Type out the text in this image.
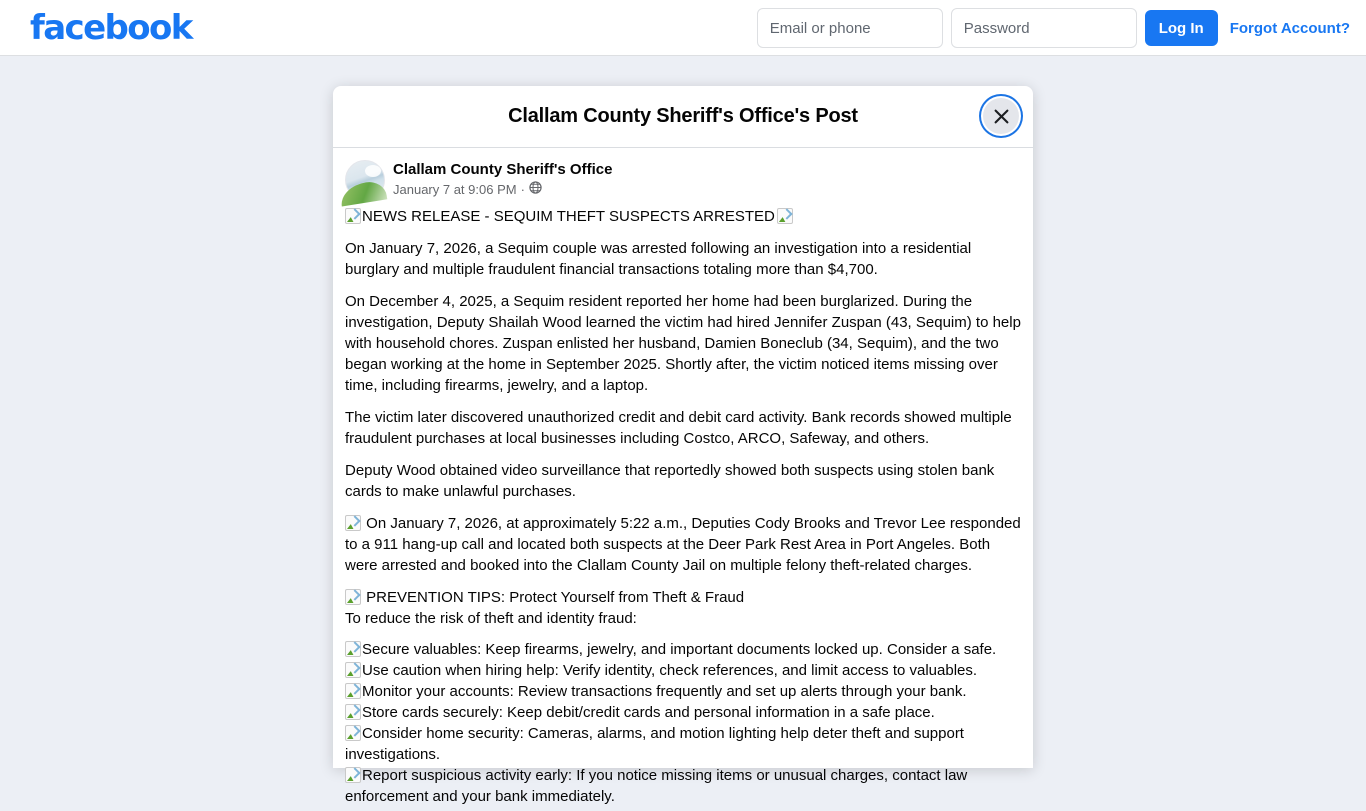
facebook
Email or phone	Log In	Forgot Account?
Clallam County Sheriff's Office's Post
Clallam County Sheriff's Office
January 7 at 9:06 PM ·

NEWS RELEASE - SEQUIM THEFT SUSPECTS ARRESTED

On January 7, 2026, a Sequim couple was arrested following an investigation into a residential burglary and multiple fraudulent financial transactions totaling more than $4,700.

On December 4, 2025, a Sequim resident reported her home had been burglarized. During the investigation, Deputy Shailah Wood learned the victim had hired Jennifer Zuspan (43, Sequim) to help with household chores. Zuspan enlisted her husband, Damien Boneclub (34, Sequim), and the two began working at the home in September 2025. Shortly after, the victim noticed items missing over time, including firearms, jewelry, and a laptop.

The victim later discovered unauthorized credit and debit card activity. Bank records showed multiple fraudulent purchases at local businesses including Costco, ARCO, Safeway, and others.

Deputy Wood obtained video surveillance that reportedly showed both suspects using stolen bank cards to make unlawful purchases.

On January 7, 2026, at approximately 5:22 a.m., Deputies Cody Brooks and Trevor Lee responded to a 911 hang-up call and located both suspects at the Deer Park Rest Area in Port Angeles. Both were arrested and booked into the Clallam County Jail on multiple felony theft-related charges.

PREVENTION TIPS: Protect Yourself from Theft & Fraud

To reduce the risk of theft and identity fraud:

Secure valuables: Keep firearms, jewelry, and important documents locked up. Consider a safe.

Use caution when hiring help: Verify identity, check references, and limit access to valuables.

Monitor your accounts: Review transactions frequently and set up alerts through your bank.

Store cards securely: Keep debit/credit cards and personal information in a safe place.

Consider home security: Cameras, alarms, and motion lighting help deter theft and support investigations.

Report suspicious activity early: If you notice missing items or unusual charges, contact law enforcement and your bank immediately.
